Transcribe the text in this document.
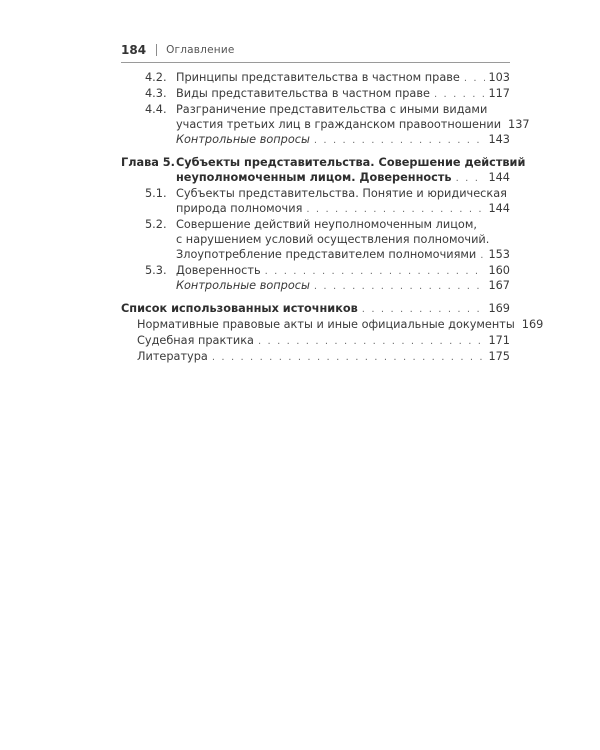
184 Оглавление
4.2. Принципы представительства в частном праве . . .	103
4.3. Виды представительства в частном праве . . .	117
4.4. Разграничение представительства с иными видами
участия третьих лиц в гражданском правоотношении 137
Контрольные вопросы . . .	143
Глава 5. Субъекты представительства. Совершение действий
неуполномоченным лицом. Доверенность . . .	144
5.1. Субъекты представительства. Понятие и юридическая
природа полномочия . . .	144
5.2. Совершение действий неуполномоченным лицом,
с нарушением условий осуществления полномочий.
Злоупотребление представителем полномочиями . . . 153
5.3. Доверенность . . .	160
Контрольные вопросы . . .	167
Список использованных источников . . .	169
Нормативные правовые акты и иные официальные документы 169
Судебная практика . . .	171
Литература . . .	175
